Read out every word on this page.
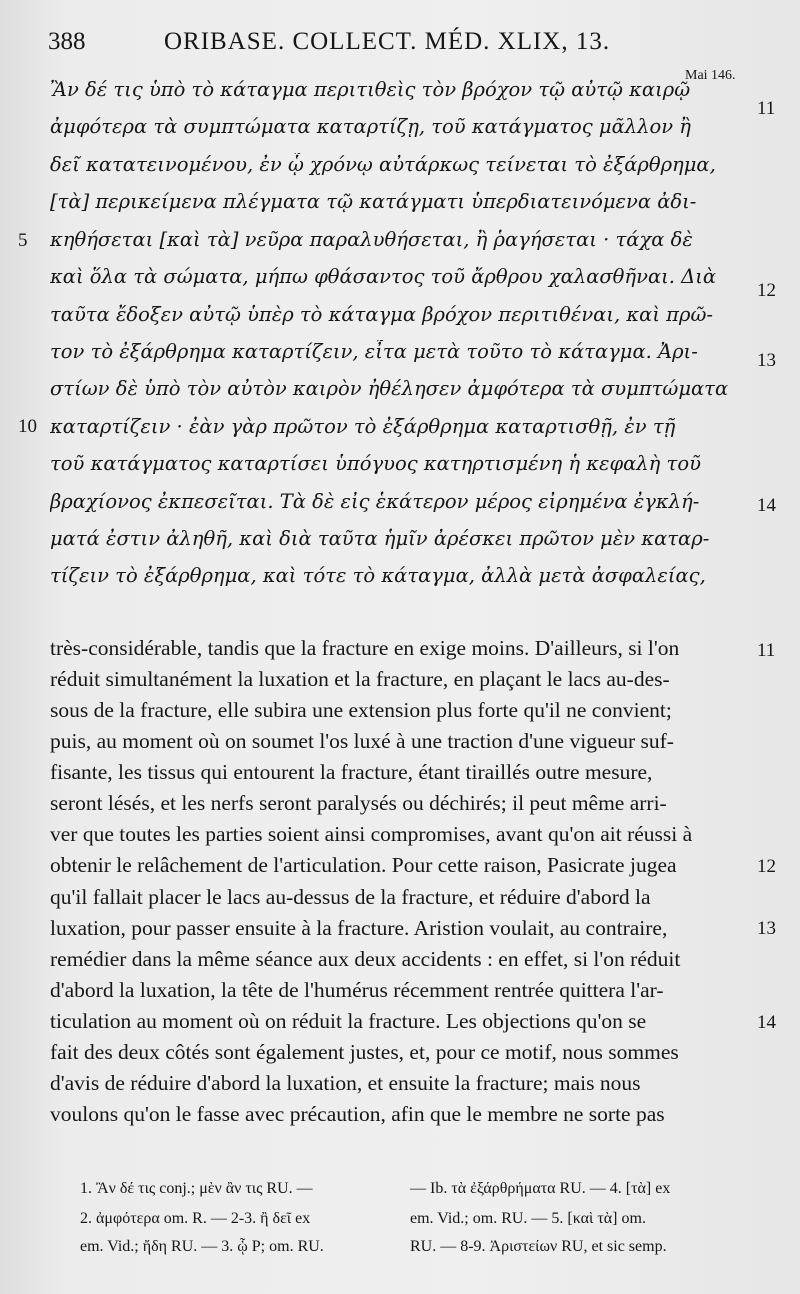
388	ORIBASE. COLLECT. MÉD. XLIX, 13.
Mai 146.
Ἂν δέ τις ὑπὸ τὸ κάταγμα περιτιθεὶς τὸν βρόχον τῷ αὐτῷ καιρῷ
ἀμφότερα τὰ συμπτώματα καταρτίζῃ, τοῦ κατάγματος μᾶλλον ἢ
δεῖ κατατεινομένου, ἐν ᾧ χρόνῳ αὐτάρκως τείνεται τὸ ἐξάρθρημα,
[τὰ] περικείμενα πλέγματα τῷ κατάγματι ὑπερδιατεινόμενα ἀδι-
κηθήσεται [καὶ τὰ] νεῦρα παραλυθήσεται, ἢ ῥαγήσεται · τάχα δὲ
καὶ ὅλα τὰ σώματα, μήπω φθάσαντος τοῦ ἄρθρου χαλασθῆναι. Διὰ
ταῦτα ἔδοξεν αὐτῷ ὑπὲρ τὸ κάταγμα βρόχον περιτιθέναι, καὶ πρῶ-
τον τὸ ἐξάρθρημα καταρτίζειν, εἶτα μετὰ τοῦτο τὸ κάταγμα. Ἀρι-
στίων δὲ ὑπὸ τὸν αὐτὸν καιρὸν ἠθέλησεν ἀμφότερα τὰ συμπτώματα
καταρτίζειν · ἐὰν γὰρ πρῶτον τὸ ἐξάρθρημα καταρτισθῇ, ἐν τῇ
τοῦ κατάγματος καταρτίσει ὑπόγυος κατηρτισμένη ἡ κεφαλὴ τοῦ
βραχίονος ἐκπεσεῖται. Τὰ δὲ εἰς ἑκάτερον μέρος εἰρημένα ἐγκλή-
ματά ἐστιν ἀληθῆ, καὶ διὰ ταῦτα ἡμῖν ἀρέσκει πρῶτον μὲν καταρ-
τίζειν τὸ ἐξάρθρημα, καὶ τότε τὸ κάταγμα, ἀλλὰ μετὰ ἀσφαλείας,
11
12
13
14
5
10
très-considérable, tandis que la fracture en exige moins. D'ailleurs, si l'on
réduit simultanément la luxation et la fracture, en plaçant le lacs au-des-
sous de la fracture, elle subira une extension plus forte qu'il ne convient;
puis, au moment où on soumet l'os luxé à une traction d'une vigueur suf-
fisante, les tissus qui entourent la fracture, étant tiraillés outre mesure,
seront lésés, et les nerfs seront paralysés ou déchirés; il peut même arri-
ver que toutes les parties soient ainsi compromises, avant qu'on ait réussi à
obtenir le relâchement de l'articulation. Pour cette raison, Pasicrate jugea
qu'il fallait placer le lacs au-dessus de la fracture, et réduire d'abord la
luxation, pour passer ensuite à la fracture. Aristion voulait, au contraire,
remédier dans la même séance aux deux accidents : en effet, si l'on réduit
d'abord la luxation, la tête de l'humérus récemment rentrée quittera l'ar-
ticulation au moment où on réduit la fracture. Les objections qu'on se
fait des deux côtés sont également justes, et, pour ce motif, nous sommes
d'avis de réduire d'abord la luxation, et ensuite la fracture; mais nous
voulons qu'on le fasse avec précaution, afin que le membre ne sorte pas
11
12
13
14
1. Ἂν δέ τις conj.; μὲν ἂν τις RU. —
2. ἀμφότερα om. R. — 2-3. ἢ δεῖ ex
em. Vid.; ἤδη RU. — 3. ᾧ P; om. RU.
— Ib. τὰ ἐξάρθρήματα RU. — 4. [τὰ] ex
em. Vid.; om. RU. — 5. [καὶ τὰ] om.
RU. — 8-9. Ἀριστείων RU, et sic semp.
